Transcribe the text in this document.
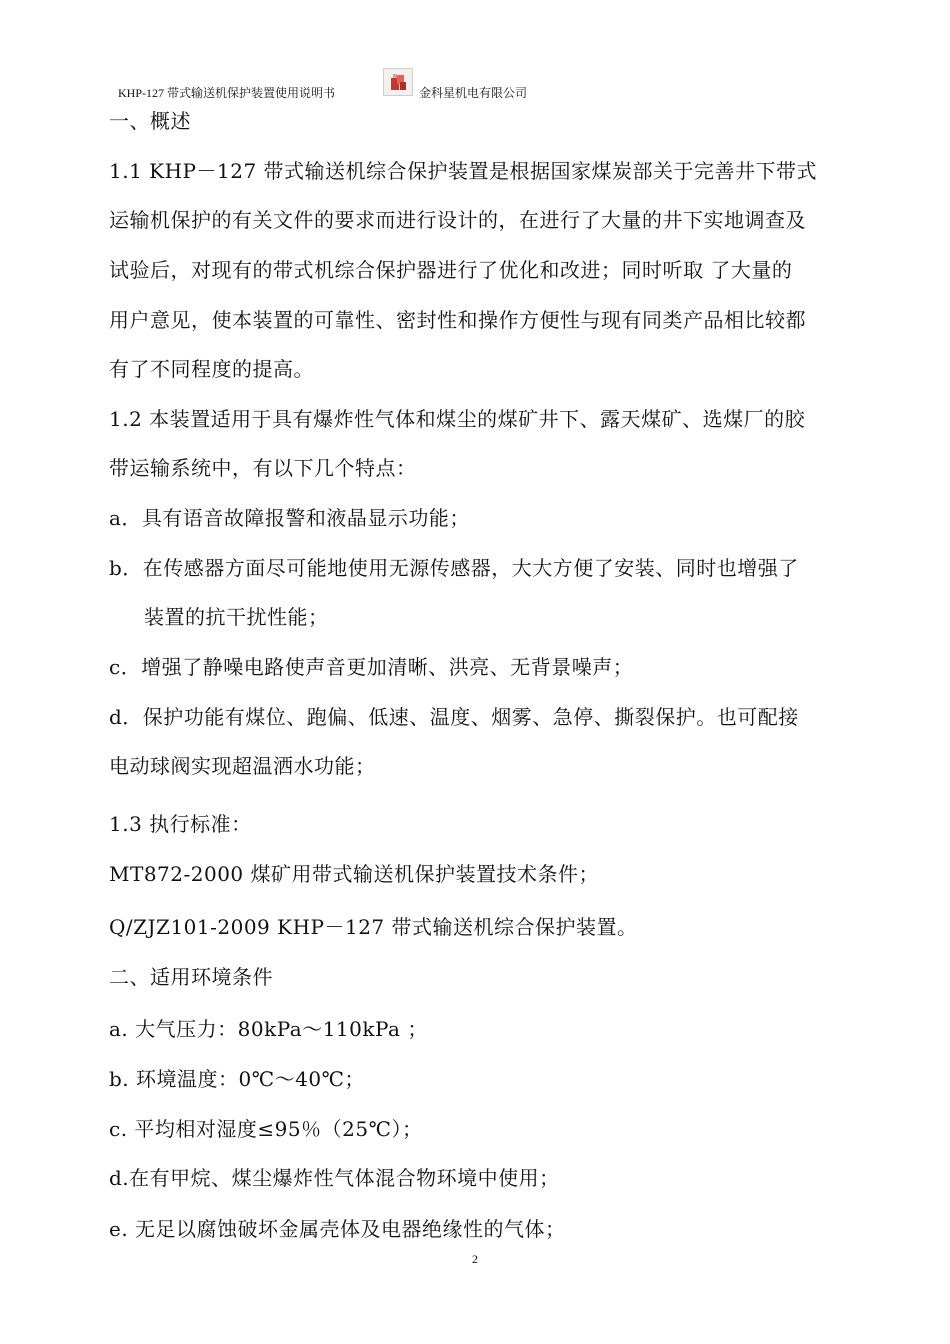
KHP-127 带式输送机保护装置使用说明书	金科星机电有限公司
一、概述
1.1 KHP－127 带式输送机综合保护装置是根据国家煤炭部关于完善井下带式
运输机保护的有关文件的要求而进行设计的，在进行了大量的井下实地调查及
试验后，对现有的带式机综合保护器进行了优化和改进；同时听取 了大量的
用户意见，使本装置的可靠性、密封性和操作方便性与现有同类产品相比较都
有了不同程度的提高。
1.2 本装置适用于具有爆炸性气体和煤尘的煤矿井下、露天煤矿、选煤厂的胶
带运输系统中，有以下几个特点：
a．具有语音故障报警和液晶显示功能；
b．在传感器方面尽可能地使用无源传感器，大大方便了安装、同时也增强了
装置的抗干扰性能；
c．增强了静噪电路使声音更加清晰、洪亮、无背景噪声；
d．保护功能有煤位、跑偏、低速、温度、烟雾、急停、撕裂保护。也可配接
电动球阀实现超温洒水功能；
1.3 执行标准：
MT872-2000 煤矿用带式输送机保护装置技术条件；
Q/ZJZ101-2009 KHP－127 带式输送机综合保护装置。
二、适用环境条件
a. 大气压力：80kPa～110kPa ；
b. 环境温度：0℃～40℃；
c. 平均相对湿度≤95％（25℃）；
d.在有甲烷、煤尘爆炸性气体混合物环境中使用；
e. 无足以腐蚀破坏金属壳体及电器绝缘性的气体；
2
